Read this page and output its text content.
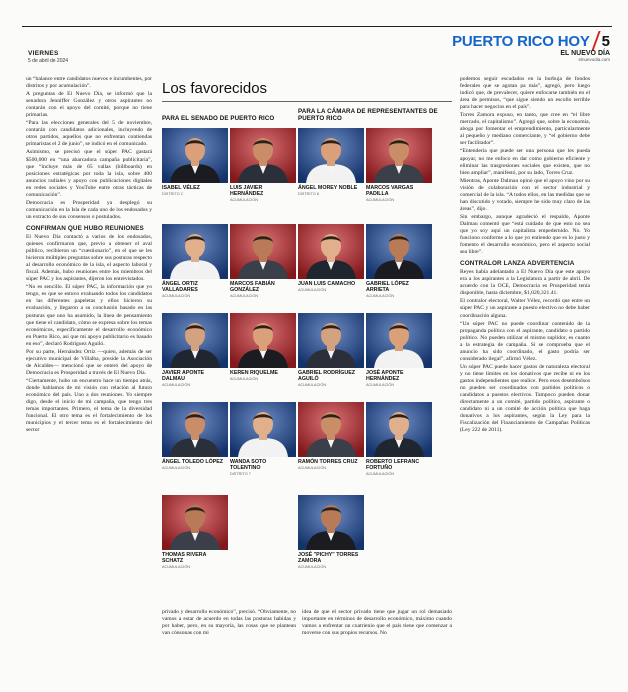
VIERNES
5 de abril de 2024
PUERTO RICO HOY 5
EL NUEVO DÍA
elnuevodia.com

un “balance entre candidatos nuevos e incumbentes, por distritos y por acumulación”.

A preguntas de El Nuevo Día, se informó que la senadora Jenniffer González y otros aspirantes no contarán con el apoyo del comité, porque no tiene primarias.

“Para las elecciones generales del 5 de noviembre, contarán con candidatos adicionales, incluyendo de otros partidos, aquellos que no enfrentan contiendas primaristas el 2 de junio”, se indicó en el comunicado.

Asimismo, se precisó que el súper PAC gastará $500,000 en “una abarcadora campaña publicitaria”, que “incluye más de 65 vallas (billboards) en posiciones estratégicas por toda la isla, sobre 400 anuncios radiales y apoyo con publicaciones digitales en redes sociales y YouTube entre otras tácticas de comunicación”.

Democracia es Prosperidad ya desplegó su comunicación en la Isla de cada uno de los endosados y un extracto de sus consensos o postulados.

CONFIRMAN QUE HUBO REUNIONES

El Nuevo Día contactó a varios de los endosados, quienes confirmaron que, previo a obtener el aval público, recibieron un “cuestionario”, en el que se les hicieron múltiples preguntas sobre sus posturas respecto al desarrollo económico de la isla, el aspecto laboral y fiscal. Además, hubo reuniones entre los miembros del súper PAC y los aspirantes, dijeron los entrevistados.

“No es sencillo. El súper PAC, la información que yo tengo, es que se estuvo evaluando todos los candidatos en las diferentes papeletas y ellos hicieron su evaluación, y llegaron a su conclusión basado en las posturas que uno ha asumido, la línea de pensamiento que tiene el candidato, cómo se expresa sobre los temas económicos, específicamente el desarrollo económico en Puerto Rico, así que mi apoyo publicitario es basado en eso”, declaró Rodríguez Aguiló.

Por su parte, Hernández Ortiz —quien, además de ser ejecutivo municipal de Villalba, preside la Asociación de Alcaldes— mencionó que se enteró del apoyo de Democracia es Prosperidad a través de El Nuevo Día.

“Ciertamente, hubo un encuentro hace un tiempo atrás, donde hablamos de mi visión con relación al futuro económico del país. Uno a dos reuniones. Yo siempre digo, desde el inicio de mi campaña, que tengo tres temas importantes. Primero, el tema de la diversidad funcional. El otro tema es el fortalecimiento de los municipios y el tercer tema es el fortalecimiento del sector

Los favorecidos
PARA EL SENADO DE PUERTO RICO
PARA LA CÁMARA DE REPRESENTANTES DE PUERTO RICO
ISABEL VÉLEZ
DISTRITO 2
LUIS JAVIER HERNÁNDEZ
ACUMULACIÓN
ÁNGEL ORTIZ VALLADARES
ACUMULACIÓN
MARCOS FABIÁN GONZÁLEZ
ACUMULACIÓN
JAVIER APONTE DALMAU
ACUMULACIÓN
KEREN RIQUELME
ACUMULACIÓN
ÁNGEL TOLEDO LÓPEZ
ACUMULACIÓN
WANDA SOTO TOLENTINO
DISTRITO 7
THOMAS RIVERA SCHATZ
ACUMULACIÓN
ÁNGEL MOREY NOBLE
DISTRITO 8
MARCOS VARGAS PADILLA
ACUMULACIÓN
JUAN LUIS CAMACHO
ACUMULACIÓN
GABRIEL LÓPEZ ARRIETA
ACUMULACIÓN
GABRIEL RODRÍGUEZ AGUILÓ
ACUMULACIÓN
JOSÉ APONTE HERNÁNDEZ
ACUMULACIÓN
RAMÓN TORRES CRUZ
ACUMULACIÓN
ROBERTO LEFRANC FORTUÑO
ACUMULACIÓN
JOSÉ "PICHY" TORRES ZAMORA
ACUMULACIÓN
privado y desarrollo económico”, precisó. “Obviamente, no vamos a estar de acuerdo en todas las posturas habidas y por haber, pero, en su mayoría, las cosas que se plantean van cónsonas con mi
idea de que el sector privado tiene que jugar un rol demasiado importante en términos de desarrollo económico, máximo cuando vamos a enfrentar un cuatrienio que el país tiene que comenzar a moverse con sus propios recursos. No

podemos seguir escudados en la burbuja de fondos federales que se agotan pa más”, agregó, pero luego indicó que, de prevalecer, quiere enfocarse también en el área de permisos, “que sigue siendo un escollo terrible para hacer negocios en el país”.

Torres Zamora expuso, en tanto, que cree en “el libre mercado, el capitalismo”. Agregó que, sobre la economía, aboga por fomentar el emprendimiento, particularmente al pequeño y mediano comerciante, y “el gobierno debe ser facilitador”.

“Entendería que puede ser una persona que les pueda apoyar, no me enfoco en dar como gobierno eficiente y eliminar las trasgresiones sociales que existen, que no bien ampliar”, manifestó, por su lado, Torres Cruz.

Mientras, Aponte Dalmau opinó que el apoyo vino por su visión de colaboración con el sector industrial y comercial de la isla. “A todos ellos, en las medidas que se han discutido y votado, siempre he sido muy claro de las áreas”, dijo.

Sin embargo, aunque agradeció el respaldo, Aponte Dalmau comentó que “está cuidado de que esto no sea que yo soy aquí un capitalista empedernido. No. Yo funciono conforme a lo que yo entiendo que es lo justo y fomento el desarrollo económico, pero el aspecto social sea libre”.

CONTRALOR LANZA ADVERTENCIA

Reyes había adelantado a El Nuevo Día que este apoyo era a los aspirantes a la Legislatura a partir de abril. De acuerdo con la OCE, Democracia es Prosperidad tenía disponible, hasta diciembre, $1,020,321.41.

El contralor electoral, Walter Vélez, recordó que entre un súper PAC y un aspirante a puesto electivo no debe haber coordinación alguna.

“Un súper PAC no puede coordinar contenido de la propaganda política con el aspirante, candidato o partido político. No pueden utilizar el mismo suplidor, es cuanto a la estrategia de campaña. Si se comprueba que el anuncio ha sido coordinado, el gasto podría ser considerado ilegal”, afirmó Vélez.

Un súper PAC puede hacer gastos de naturaleza electoral y no tiene límites en los donativos que recibe ni en los gastos independientes que realice. Pero esos desembolsos no pueden ser coordinados con partidos políticos o candidatos a puestos electivos. Tampoco pueden donar directamente a un comité, partido político, aspirante o candidato ni a un comité de acción política que haga donativos a los aspirantes, según la Ley para la Fiscalización del Financiamiento de Campañas Políticas (Ley 222 de 2011).
